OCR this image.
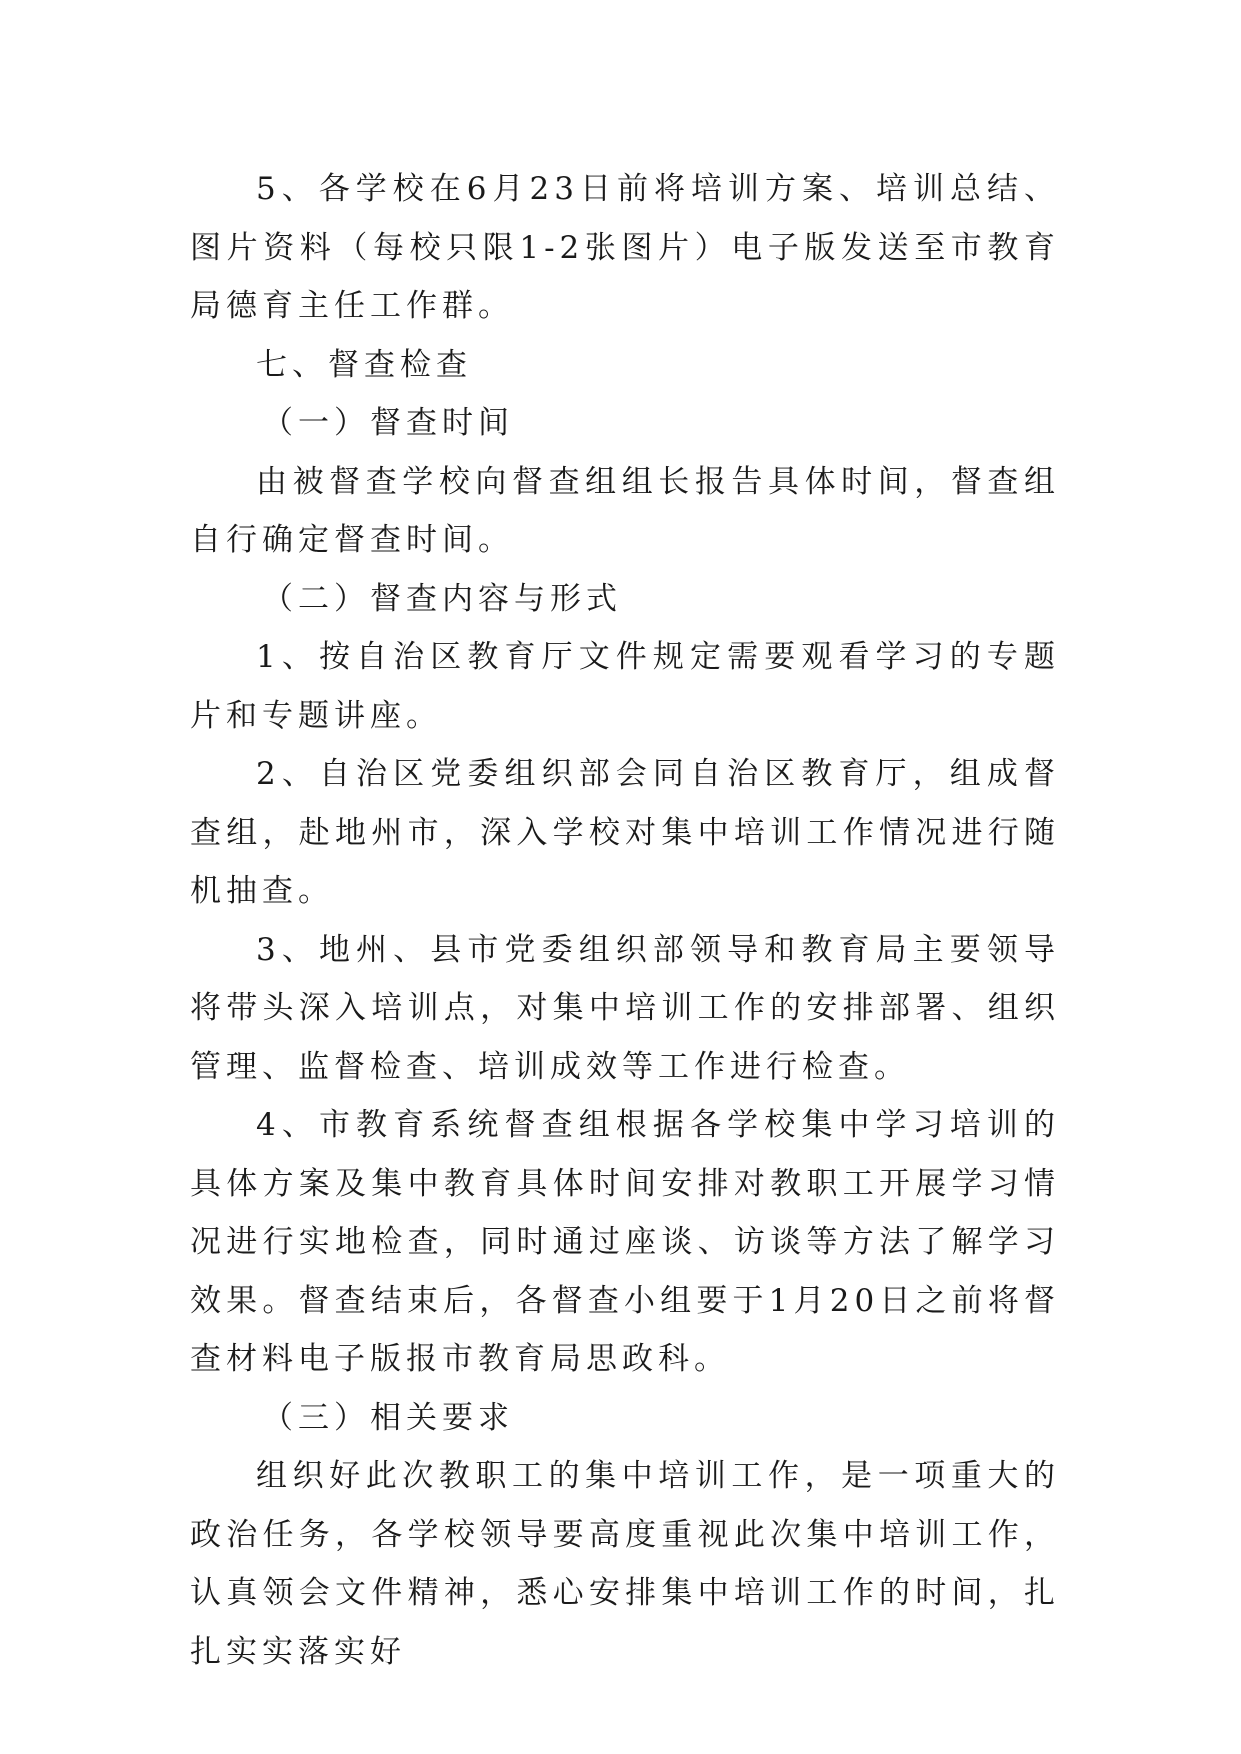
5、各学校在6月23日前将培训方案、培训总结、图片资料（每校只限1-2张图片）电子版发送至市教育局德育主任工作群。

七、督查检查

（一）督查时间

由被督查学校向督查组组长报告具体时间，督查组自行确定督查时间。

（二）督查内容与形式

1、按自治区教育厅文件规定需要观看学习的专题片和专题讲座。

2、自治区党委组织部会同自治区教育厅，组成督查组，赴地州市，深入学校对集中培训工作情况进行随机抽查。

3、地州、县市党委组织部领导和教育局主要领导将带头深入培训点，对集中培训工作的安排部署、组织管理、监督检查、培训成效等工作进行检查。

4、市教育系统督查组根据各学校集中学习培训的具体方案及集中教育具体时间安排对教职工开展学习情况进行实地检查，同时通过座谈、访谈等方法了解学习效果。督查结束后，各督查小组要于1月20日之前将督查材料电子版报市教育局思政科。

（三）相关要求

组织好此次教职工的集中培训工作，是一项重大的政治任务，各学校领导要高度重视此次集中培训工作，认真领会文件精神，悉心安排集中培训工作的时间，扎扎实实落实好
